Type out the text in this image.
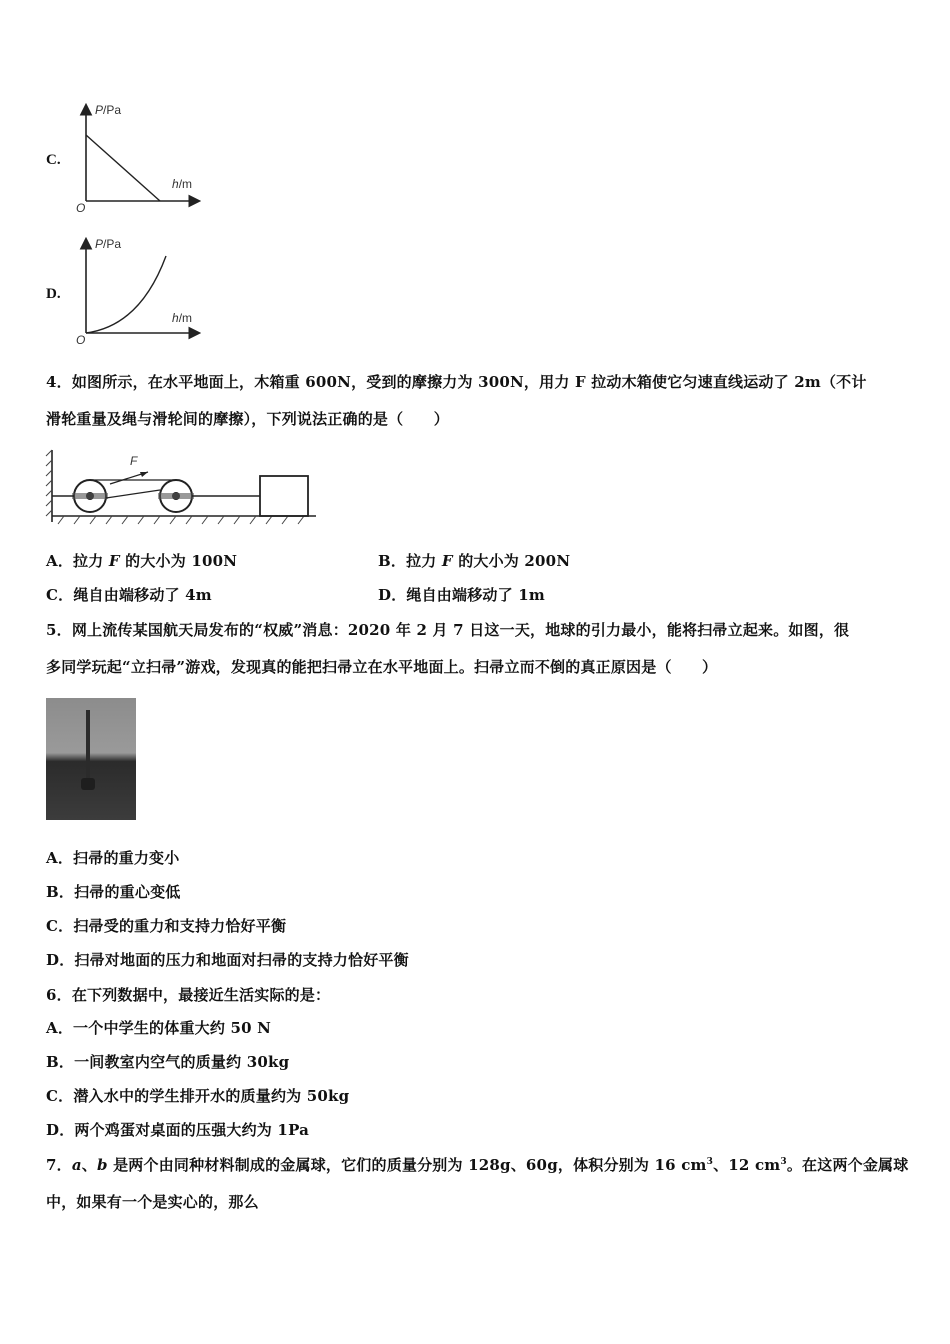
C.
P/Pa
h/m
O
D.
P/Pa
h/m
O
4．如图所示，在水平地面上，木箱重 600N，受到的摩擦力为 300N，用力 F 拉动木箱使它匀速直线运动了 2m（不计
滑轮重量及绳与滑轮间的摩擦），下列说法正确的是（　　）
F
A．拉力 F 的大小为 100N	B．拉力 F 的大小为 200N
C．绳自由端移动了 4m	D．绳自由端移动了 1m
5．网上流传某国航天局发布的“权威”消息：2020 年 2 月 7 日这一天，地球的引力最小，能将扫帚立起来。如图，很
多同学玩起“立扫帚”游戏，发现真的能把扫帚立在水平地面上。扫帚立而不倒的真正原因是（　　）
A．扫帚的重力变小
B．扫帚的重心变低
C．扫帚受的重力和支持力恰好平衡
D．扫帚对地面的压力和地面对扫帚的支持力恰好平衡
6．在下列数据中，最接近生活实际的是：
A．一个中学生的体重大约 50 N
B．一间教室内空气的质量约 30kg
C．潜入水中的学生排开水的质量约为 50kg
D．两个鸡蛋对桌面的压强大约为 1Pa
7．a、b 是两个由同种材料制成的金属球，它们的质量分别为 128g、60g，体积分别为 16 $cm^3$、12 $cm^3$。在这两个金属球
中，如果有一个是实心的，那么
